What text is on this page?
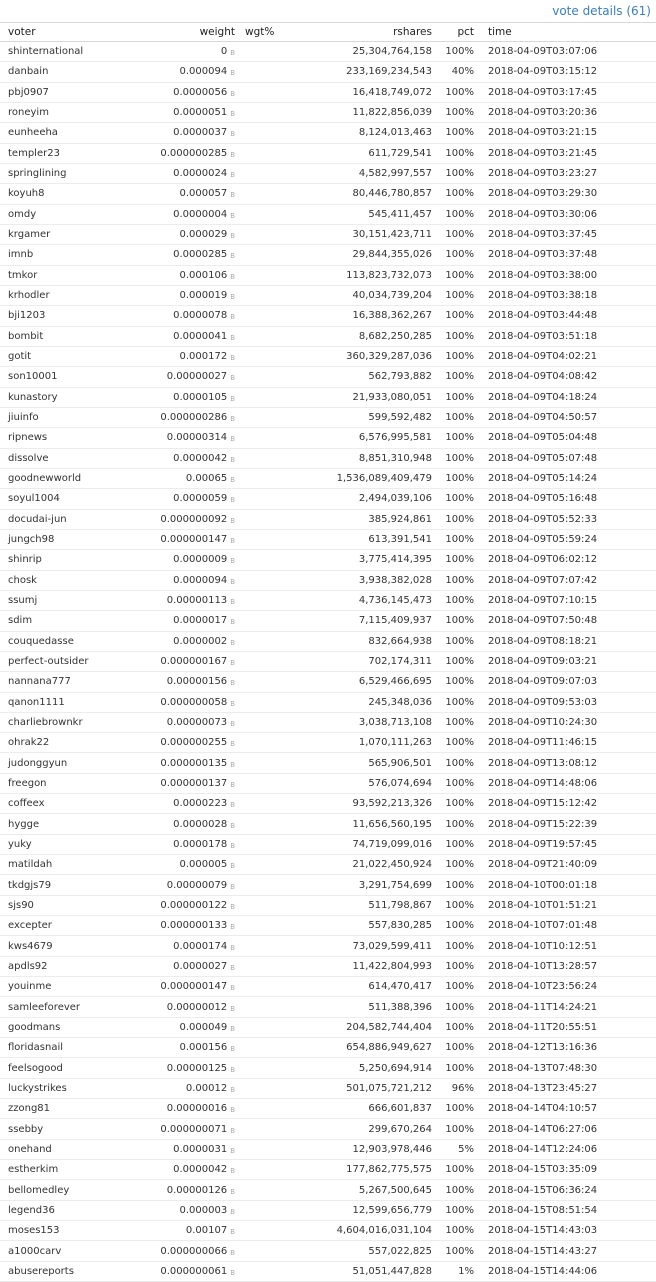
vote details (61)
voter	weight	wgt%	rshares	pct	time
shinternational	0 B		25,304,764,158	100%	2018-04-09T03:07:06
danbain	0.000094 B		233,169,234,543	40%	2018-04-09T03:15:12
pbj0907	0.0000056 B		16,418,749,072	100%	2018-04-09T03:17:45
roneyim	0.0000051 B		11,822,856,039	100%	2018-04-09T03:20:36
eunheeha	0.0000037 B		8,124,013,463	100%	2018-04-09T03:21:15
templer23	0.000000285 B		611,729,541	100%	2018-04-09T03:21:45
springlining	0.0000024 B		4,582,997,557	100%	2018-04-09T03:23:27
koyuh8	0.000057 B		80,446,780,857	100%	2018-04-09T03:29:30
omdy	0.0000004 B		545,411,457	100%	2018-04-09T03:30:06
krgamer	0.000029 B		30,151,423,711	100%	2018-04-09T03:37:45
imnb	0.0000285 B		29,844,355,026	100%	2018-04-09T03:37:48
tmkor	0.000106 B		113,823,732,073	100%	2018-04-09T03:38:00
krhodler	0.000019 B		40,034,739,204	100%	2018-04-09T03:38:18
bji1203	0.0000078 B		16,388,362,267	100%	2018-04-09T03:44:48
bombit	0.0000041 B		8,682,250,285	100%	2018-04-09T03:51:18
gotit	0.000172 B		360,329,287,036	100%	2018-04-09T04:02:21
son10001	0.00000027 B		562,793,882	100%	2018-04-09T04:08:42
kunastory	0.0000105 B		21,933,080,051	100%	2018-04-09T04:18:24
jiuinfo	0.000000286 B		599,592,482	100%	2018-04-09T04:50:57
ripnews	0.00000314 B		6,576,995,581	100%	2018-04-09T05:04:48
dissolve	0.0000042 B		8,851,310,948	100%	2018-04-09T05:07:48
goodnewworld	0.00065 B		1,536,089,409,479	100%	2018-04-09T05:14:24
soyul1004	0.0000059 B		2,494,039,106	100%	2018-04-09T05:16:48
docudai-jun	0.000000092 B		385,924,861	100%	2018-04-09T05:52:33
jungch98	0.000000147 B		613,391,541	100%	2018-04-09T05:59:24
shinrip	0.0000009 B		3,775,414,395	100%	2018-04-09T06:02:12
chosk	0.0000094 B		3,938,382,028	100%	2018-04-09T07:07:42
ssumj	0.00000113 B		4,736,145,473	100%	2018-04-09T07:10:15
sdim	0.0000017 B		7,115,409,937	100%	2018-04-09T07:50:48
couquedasse	0.0000002 B		832,664,938	100%	2018-04-09T08:18:21
perfect-outsider	0.000000167 B		702,174,311	100%	2018-04-09T09:03:21
nannana777	0.00000156 B		6,529,466,695	100%	2018-04-09T09:07:03
qanon1111	0.000000058 B		245,348,036	100%	2018-04-09T09:53:03
charliebrownkr	0.00000073 B		3,038,713,108	100%	2018-04-09T10:24:30
ohrak22	0.000000255 B		1,070,111,263	100%	2018-04-09T11:46:15
judonggyun	0.000000135 B		565,906,501	100%	2018-04-09T13:08:12
freegon	0.000000137 B		576,074,694	100%	2018-04-09T14:48:06
coffeex	0.0000223 B		93,592,213,326	100%	2018-04-09T15:12:42
hygge	0.0000028 B		11,656,560,195	100%	2018-04-09T15:22:39
yuky	0.0000178 B		74,719,099,016	100%	2018-04-09T19:57:45
matildah	0.000005 B		21,022,450,924	100%	2018-04-09T21:40:09
tkdgjs79	0.00000079 B		3,291,754,699	100%	2018-04-10T00:01:18
sjs90	0.000000122 B		511,798,867	100%	2018-04-10T01:51:21
excepter	0.000000133 B		557,830,285	100%	2018-04-10T07:01:48
kws4679	0.0000174 B		73,029,599,411	100%	2018-04-10T10:12:51
apdls92	0.0000027 B		11,422,804,993	100%	2018-04-10T13:28:57
youinme	0.000000147 B		614,470,417	100%	2018-04-10T23:56:24
samleeforever	0.00000012 B		511,388,396	100%	2018-04-11T14:24:21
goodmans	0.000049 B		204,582,744,404	100%	2018-04-11T20:55:51
floridasnail	0.000156 B		654,886,949,627	100%	2018-04-12T13:16:36
feelsogood	0.00000125 B		5,250,694,914	100%	2018-04-13T07:48:30
luckystrikes	0.00012 B		501,075,721,212	96%	2018-04-13T23:45:27
zzong81	0.00000016 B		666,601,837	100%	2018-04-14T04:10:57
ssebby	0.000000071 B		299,670,264	100%	2018-04-14T06:27:06
onehand	0.0000031 B		12,903,978,446	5%	2018-04-14T12:24:06
estherkim	0.0000042 B		177,862,775,575	100%	2018-04-15T03:35:09
bellomedley	0.00000126 B		5,267,500,645	100%	2018-04-15T06:36:24
legend36	0.000003 B		12,599,656,779	100%	2018-04-15T08:51:54
moses153	0.00107 B		4,604,016,031,104	100%	2018-04-15T14:43:03
a1000carv	0.000000066 B		557,022,825	100%	2018-04-15T14:43:27
abusereports	0.000000061 B		51,051,447,828	1%	2018-04-15T14:44:06
